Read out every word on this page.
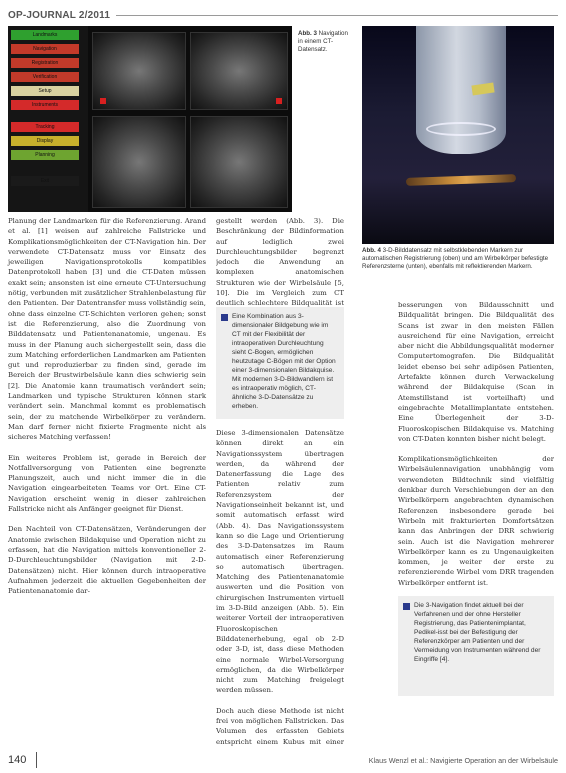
OP-JOURNAL 2/2011
Landmarks
Navigation
Registration
Verification
Setup
Instruments
Tracking
Display
Planning
Exit
Abb. 3 Navigation in einem CT-Datensatz.
Abb. 4 3-D-Bilddatensatz mit selbstklebenden Markern zur automatischen Registrierung (oben) und am Wirbelkörper befestigte Referenzsterne (unten), ebenfalls mit reflektierenden Markern.

Planung der Landmarken für die Referenzierung. Arand et al. [1] weisen auf zahlreiche Fallstricke und Komplikationsmöglichkeiten der CT-Navigation hin. Der verwendete CT-Datensatz muss vor Einsatz des jeweiligen Navigationsprotokolls kompatibles Datenprotokoll haben [3] und die CT-Daten müssen exakt sein; ansonsten ist eine erneute CT-Untersuchung nötig, verbunden mit zusätzlicher Strahlenbelastung für den Patienten. Der Datentransfer muss vollständig sein, ohne dass einzelne CT-Schichten verloren gehen; sonst ist die Referenzierung, also die Zuordnung von Bilddatensatz und Patientenanatomie, ungenau. Es muss in der Planung auch sichergestellt sein, dass die zum Matching erforderlichen Landmarken am Patienten gut und reproduzierbar zu finden sind, gerade im Bereich der Brustwirbelsäule kann dies schwierig sein [2]. Die Anatomie kann traumatisch verändert sein; Landmarken und typische Strukturen können stark verändert sein. Manchmal kommt es problematisch sein, der zu matchende Wirbelkörper zu verändern. Man darf ferner nicht fixierte Fragmente nicht als sicheres Matching verfassen!

Ein weiteres Problem ist, gerade in Bereich der Notfallversorgung von Patienten eine begrenzte Planungszeit, auch und nicht immer die in die Navigation eingearbeiteten Teams vor Ort. Eine CT-Navigation erscheint wenig in dieser zahlreichen Fallstricke nicht als Anfänger geeignet für Dienst.

Den Nachteil von CT-Datensätzen, Veränderungen der Anatomie zwischen Bildakquise und Operation nicht zu erfassen, hat die Navigation mittels konventioneller 2-D-Durchleuchtungsbilder (Navigation mit 2-D-Datensätzen) nicht. Hier können durch intraoperative Aufnahmen jederzeit die aktuellen Gegebenheiten der Patientenanatomie dar-

gestellt werden (Abb. 3). Die Beschränkung der Bildinformation auf lediglich zwei Durchleuchtungsbilder begrenzt jedoch die Anwendung an komplexen anatomischen Strukturen wie der Wirbelsäule [5, 10]. Die im Vergleich zum CT deutlich schlechtere Bildqualität ist

Eine Kombination aus 3-dimensionaler Bildgebung wie im CT mit der Flexibilität der intraoperativen Durchleuchtung sieht C-Bogen, ermöglichen heutzutage C-Bögen mit der Option einer 3-dimensionalen Bildakquise. Mit modernen 3-D-Bildwandlern ist es intraoperativ möglich, CT-ähnliche 3-D-Datensätze zu erheben.

Diese 3-dimensionalen Datensätze können direkt an ein Navigationssystem übertragen werden, da während der Datenerfassung die Lage des Patienten relativ zum Referenzsystem der Navigationseinheit bekannt ist, und somit automatisch erfasst wird (Abb. 4). Das Navigationssystem kann so die Lage und Orientierung des 3-D-Datensatzes im Raum automatisch einer Referenzierung so automatisch übertragen. Matching des Patientenanatomie auswerten und die Position von chirurgischen Instrumenten virtuell im 3-D-Bild anzeigen (Abb. 5). Ein weiterer Vorteil der intraoperativen Fluoroskopischen Bilddatenerhebung, egal ob 2-D oder 3-D, ist, dass diese Methoden eine normale Wirbel-Versorgung ermöglichen, da die Wirbelkörper nicht zum Matching freigelegt werden müssen.

Doch auch diese Methode ist nicht frei von möglichen Fallstricken. Das Volumen des erfassten Gebiets entspricht einem Kubus mit einer

besserungen von Bildausschnitt und Bildqualität bringen. Die Bildqualität des Scans ist zwar in den meisten Fällen ausreichend für eine Navigation, erreicht aber nicht die Abbildungsqualität moderner Computertomografen. Die Bildqualität leidet ebenso bei sehr adipösen Patienten, Artefakte können durch Verwackelung während der Bildakquise (Scan in Atemstillstand ist vorteilhaft) und eingebrachte Metallimplantate entstehen. Eine Überlegenheit der 3-D-Fluoroskopischen Bildakquise vs. Matching von CT-Daten konnten bisher nicht belegt.

Komplikationsmöglichkeiten der Wirbelsäulennavigation unabhängig vom verwendeten Bildtechnik sind vielfältig denkbar durch Verschiebungen der an den Wirbelkörpern angebrachten dynamischen Referenzen insbesondere gerade bei Wirbeln mit frakturierten Domfortsätzen kann das Anbringen der DRR schwierig sein. Auch ist die Navigation mehrerer Wirbelkörper kann es zu Ungenauigkeiten kommen, je weiter der erste zu referenzierende Wirbel vom DRR tragenden Wirbelkörper entfernt ist.

Die 3-Navigation findet aktuell bei der Verfahrenen und der ohne Hersteller Registrierung, das Patientenimplantat, Pedikel-isst bei der Befestigung der Referenzkörper am Patienten und der Vermeidung von Instrumenten während der Eingriffe [4].
140	Klaus Wenzl et al.: Navigierte Operation an der Wirbelsäule
